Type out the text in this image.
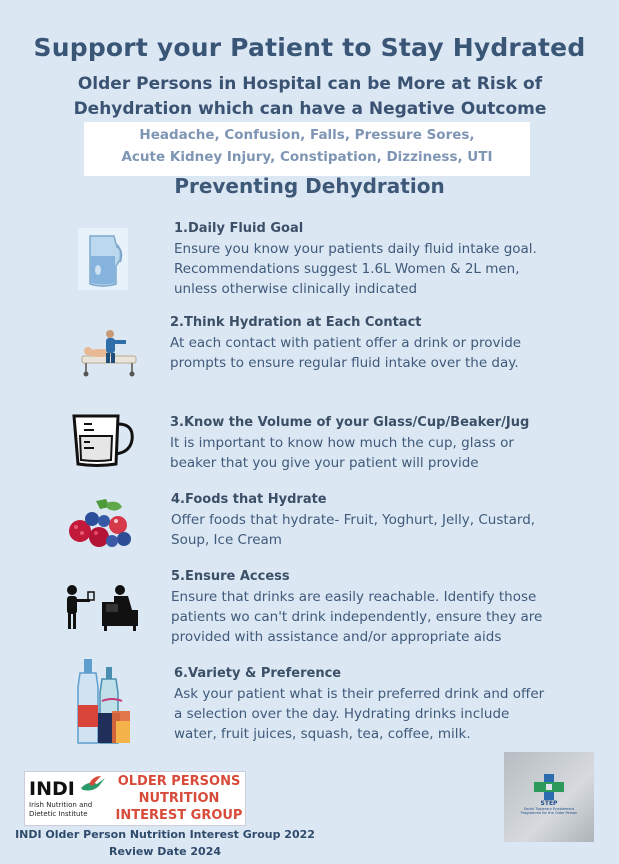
Support your Patient to Stay Hydrated
Older Persons in Hospital can be More at Risk of
Dehydration which can have a Negative Outcome
Headache, Confusion, Falls, Pressure Sores,
Acute Kidney Injury, Constipation, Dizziness, UTI
Preventing Dehydration
1.Daily Fluid Goal
Ensure you know your patients daily fluid intake goal.
Recommendations suggest 1.6L Women & 2L men,
unless otherwise clinically indicated
2.Think Hydration at Each Contact
At each contact with patient offer a drink or provide
prompts to ensure regular fluid intake over the day.
3.Know the Volume of your Glass/Cup/Beaker/Jug
It is important to know how much the cup, glass or
beaker that you give your patient will provide
4.Foods that Hydrate
Offer foods that hydrate- Fruit, Yoghurt, Jelly, Custard,
Soup, Ice Cream
5.Ensure Access
Ensure that drinks are easily reachable. Identify those
patients wo can't drink independently, ensure they are
provided with assistance and/or appropriate aids
6.Variety & Preference
Ask your patient what is their preferred drink and offer
a selection over the day. Hydrating drinks include
water, fruit juices, squash, tea, coffee, milk.
INDI
Irish Nutrition and
Dietetic Institute
OLDER PERSONS
NUTRITION
INTEREST GROUP
STEP
South Tipperary Enablement Programme for the Older Person
INDI Older Person Nutrition Interest Group 2022
Review Date 2024
